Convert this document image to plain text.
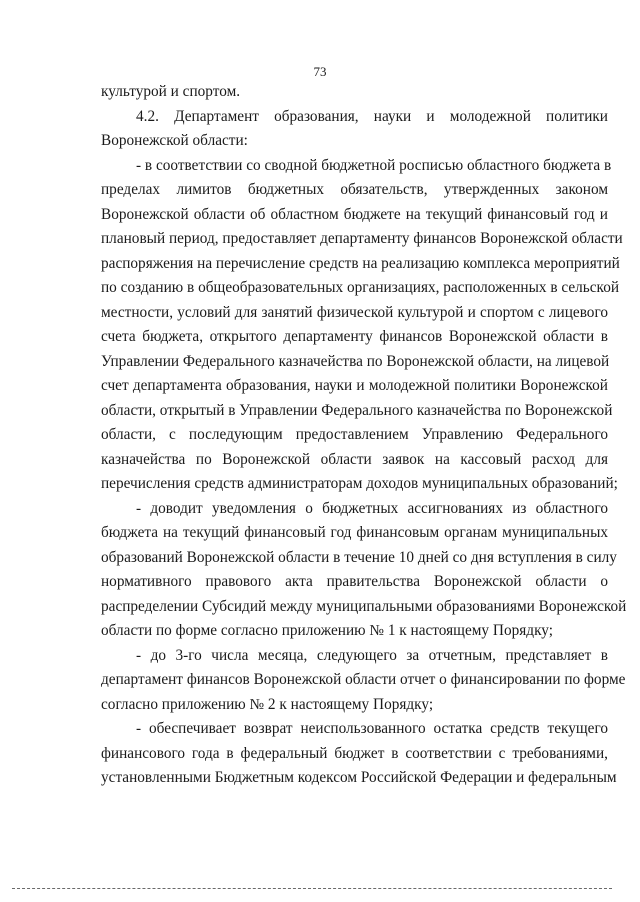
73
культурой и спортом.
4.2. Департамент образования, науки и молодежной политики
Воронежской области:
- в соответствии со сводной бюджетной росписью областного бюджета в
пределах лимитов бюджетных обязательств, утвержденных законом
Воронежской области об областном бюджете на текущий финансовый год и
плановый период, предоставляет департаменту финансов Воронежской области
распоряжения на перечисление средств на реализацию комплекса мероприятий
по созданию в общеобразовательных организациях, расположенных в сельской
местности, условий для занятий физической культурой и спортом с лицевого
счета бюджета, открытого департаменту финансов Воронежской области в
Управлении Федерального казначейства по Воронежской области, на лицевой
счет департамента образования, науки и молодежной политики Воронежской
области, открытый в Управлении Федерального казначейства по Воронежской
области, с последующим предоставлением Управлению Федерального
казначейства по Воронежской области заявок на кассовый расход для
перечисления средств администраторам доходов муниципальных образований;
- доводит уведомления о бюджетных ассигнованиях из областного
бюджета на текущий финансовый год финансовым органам муниципальных
образований Воронежской области в течение 10 дней со дня вступления в силу
нормативного правового акта правительства Воронежской области о
распределении Субсидий между муниципальными образованиями Воронежской
области по форме согласно приложению № 1 к настоящему Порядку;
- до 3-го числа месяца, следующего за отчетным, представляет в
департамент финансов Воронежской области отчет о финансировании по форме
согласно приложению № 2 к настоящему Порядку;
- обеспечивает возврат неиспользованного остатка средств текущего
финансового года в федеральный бюджет в соответствии с требованиями,
установленными Бюджетным кодексом Российской Федерации и федеральным
